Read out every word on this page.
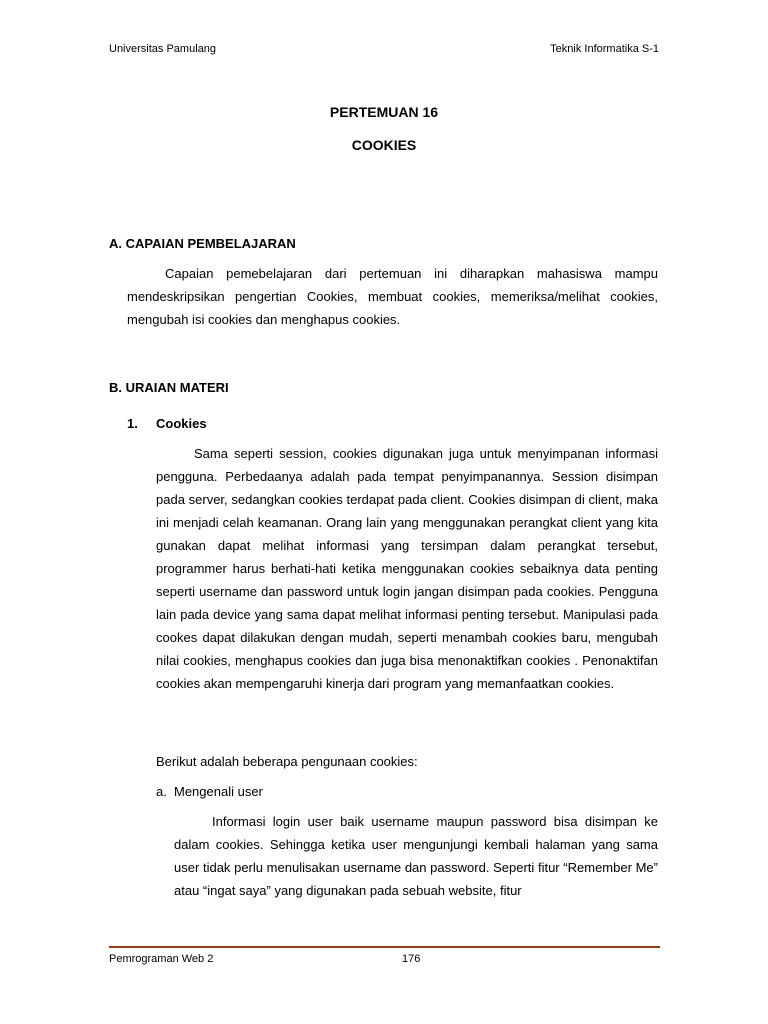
Universitas Pamulang	Teknik Informatika S-1
PERTEMUAN 16
COOKIES
A. CAPAIAN PEMBELAJARAN

Capaian pemebelajaran dari pertemuan ini diharapkan mahasiswa mampu mendeskripsikan pengertian Cookies, membuat cookies, memeriksa/melihat cookies, mengubah isi cookies dan menghapus cookies.

B. URAIAN MATERI
1. Cookies

Sama seperti session, cookies digunakan juga untuk menyimpanan informasi pengguna. Perbedaanya adalah pada tempat penyimpanannya. Session disimpan pada server, sedangkan cookies terdapat pada client. Cookies disimpan di client, maka ini menjadi celah keamanan. Orang lain yang menggunakan perangkat client yang kita gunakan dapat melihat informasi yang tersimpan dalam perangkat tersebut, programmer harus berhati-hati ketika menggunakan cookies sebaiknya data penting seperti username dan password untuk login jangan disimpan pada cookies. Pengguna lain pada device yang sama dapat melihat informasi penting tersebut. Manipulasi pada cookes dapat dilakukan dengan mudah, seperti menambah cookies baru, mengubah nilai cookies, menghapus cookies dan juga bisa menonaktifkan cookies . Penonaktifan cookies akan mempengaruhi kinerja dari program yang memanfaatkan cookies.

Berikut adalah beberapa pengunaan cookies:
a. Mengenali user

Informasi login user baik username maupun password bisa disimpan ke dalam cookies. Sehingga ketika user mengunjungi kembali halaman yang sama user tidak perlu menulisakan username dan password. Seperti fitur “Remember Me” atau “ingat saya” yang digunakan pada sebuah website, fitur

Pemrograman Web 2	176
